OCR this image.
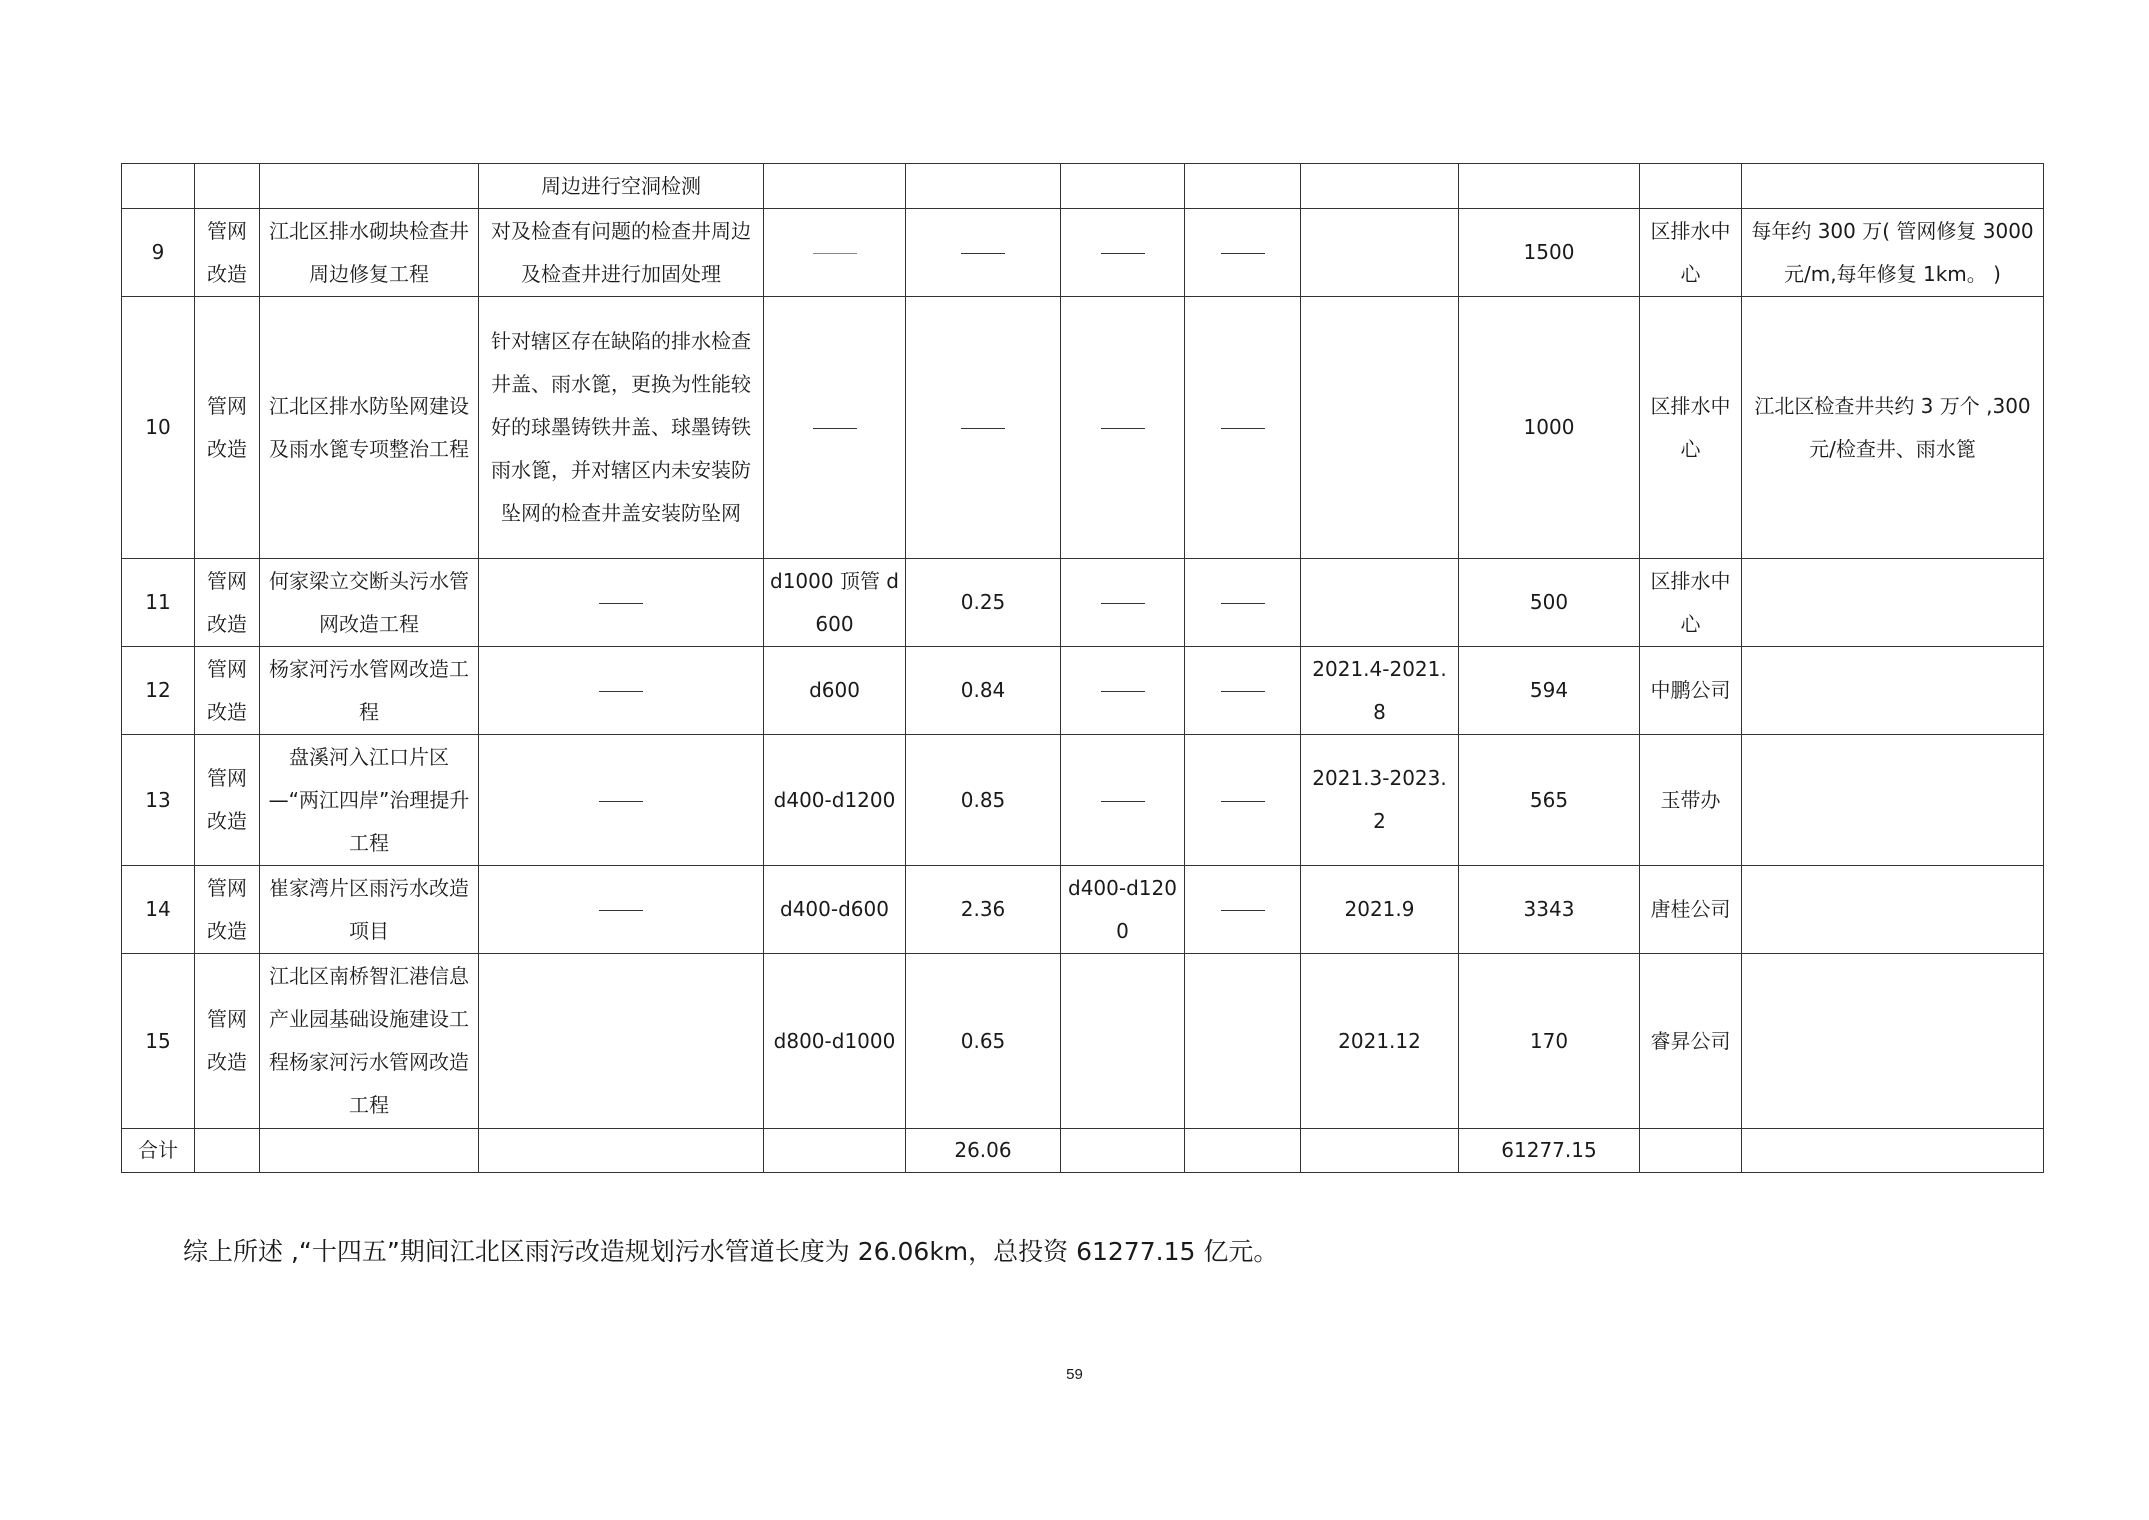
			周边进行空洞检测								
9	管网改造	江北区排水砌块检查井周边修复工程	对及检查有问题的检查井周边及检查井进行加固处理						1500	区排水中心	每年约 300 万( 管网修复 3000 元/m,每年修复 1km。 )
10	管网改造	江北区排水防坠网建设及雨水篦专项整治工程	针对辖区存在缺陷的排水检查井盖、雨水篦，更换为性能较好的球墨铸铁井盖、球墨铸铁雨水篦，并对辖区内未安装防坠网的检查井盖安装防坠网						1000	区排水中心	江北区检查井共约 3 万个 ,300 元/检查井、雨水篦
11	管网改造	何家梁立交断头污水管网改造工程		d1000 顶管 d600	0.25				500	区排水中心	
12	管网改造	杨家河污水管网改造工程		d600	0.84			2021.4-2021.8	594	中鹏公司	
13	管网改造	盘溪河入江口片区—“两江四岸”治理提升工程		d400-d1200	0.85			2021.3-2023.2	565	玉带办	
14	管网改造	崔家湾片区雨污水改造项目		d400-d600	2.36	d400-d1200		2021.9	3343	唐桂公司	
15	管网改造	江北区南桥智汇港信息产业园基础设施建设工程杨家河污水管网改造工程		d800-d1000	0.65			2021.12	170	睿昇公司	
合计					26.06				61277.15		
综上所述 ,“十四五”期间江北区雨污改造规划污水管道长度为 26.06km，总投资 61277.15 亿元。
59
